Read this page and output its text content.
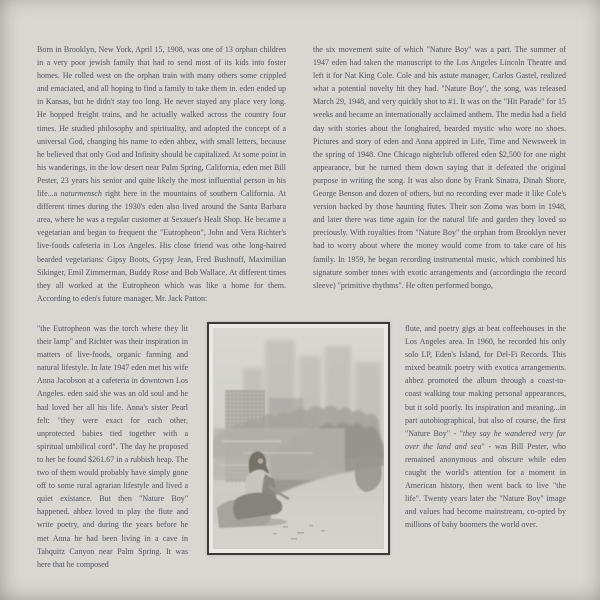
Born in Brooklyn, New York, April 15, 1908, was one of 13 orphan children in a very poor jewish family that had to send most of its kids into foster homes. He rolled west on the orphan train with many others some crippled and emaciated, and all hoping to find a family to take them in. eden ended up in Kansas, but he didn't stay too long. He never stayed any place very long. He hopped freight trains, and he actually walked across the country four times. He studied philosophy and spirituality, and adopted the concept of a universal God, changing his name to eden ahbez, with small letters, because he believed that only God and Infinity should be capitalized. At some point in his wanderings, in the low desert near Palm Spring, California, eden met Bill Pester, 23 years his senior and quite likely the most influential person in his life...a naturmensch right here in the mountains of southern California. At different times during the 1930's eden also lived around the Santa Barbara area, where he was a regular customer at Sexauer's Healt Shop. He became a vegetarian and began to frequent the "Eutropheon", John and Vera Richter's live-foods cafeteria in Los Angeles. His close friend was othe long-haired bearded vegetarians: Gipsy Boots, Gypsy Jean, Fred Bushnoff, Maximilian Sikinger, Emil Zimmerman, Buddy Rose and Bob Wallace. At different times they all worked at the Eutropheon which was like a home for them. According to eden's future manager, Mr. Jack Patton:

"the Eutropheon was the torch where they lit their lamp" and Richter was their inspiration in matters of live-foods, organic farming and natural lifestyle. In late 1947 eden met his wife Anna Jacobson at a cafeteria in downtown Los Angeles. eden said she was an old soul and he had loved her all his life. Anna's sister Pearl felt: "they were exact for each other, unprotected babies tied together with a spiritual umbilical cord". The day he proposed to her he found $261.67 in a rubbish heap. The two of them would probably have simply gone off to some rural agrarian lifestyle and lived a quiet existance. But then "Nature Boy" happened. ahbez loved to play the flute and write poetry, and during the years before he met Anna he had been living in a cave in Tahquitz Canyon near Palm Spring. It was here that he composed

the six movement suite of which "Nature Boy" was a part. The summer of 1947 eden had taken the manuscript to the Los Angeles Lincoln Theatre and left it for Nat King Cole. Cole and his astute manager, Carlos Gastel, realized what a potential novelty hit they had. "Nature Boy", the song, was released March 29, 1948, and very quickly shot to #1. It was on the "Hit Parade" for 15 weeks and became an internationally acclaimed anthem. The media had a field day with stories about the longhaired, bearded mystic who wore no shoes. Pictures and story of eden and Anna appired in Life, Time and Newsweek in the spring of 1948. One Chicago nightclub offered eden $2,500 for one night appearance, but he turned them down saying that it defeated the original purpose in writing the song. It was also done by Frank Sinatra, Dinah Shore, George Benson and dozen of others, but no recording ever made it like Cole's version backed by those haunting flutes. Their son Zoma was born in 1948, and later there was time again for the natural life and garden they loved so preciously. With royalties from "Nature Boy" the orphan from Brooklyn never had to worry about where the money would come from to take care of his family. In 1959, he began recording instrumental music, which combined his signature somber tones with exotic arrangements and (accordingto the record sleeve) "primitive rhythms". He often performed bongo,

flute, and poetry gigs at beat coffeehouses in the Los Angeles area. In 1960, he recorded his only solo LP, Eden's Island, for Del-Fi Records. This mixed beatnik poetry with exotica arrangements. ahbez promoted the album through a coast-to-coast walking tour making personal appearances, but it sold poorly. Its inspiration and meaning...in part autobiographical, but also of course, the first "Nature Boy" - "they say he wandered very far over the land and sea" - was Bill Pester, who remained anonymous and obscure while eden caught the world's attention for a moment in American history, then went back to live "the life". Twenty years later the "Nature Boy" image and values had become mainstream, co-opted by millions of baby boomers the world over.
